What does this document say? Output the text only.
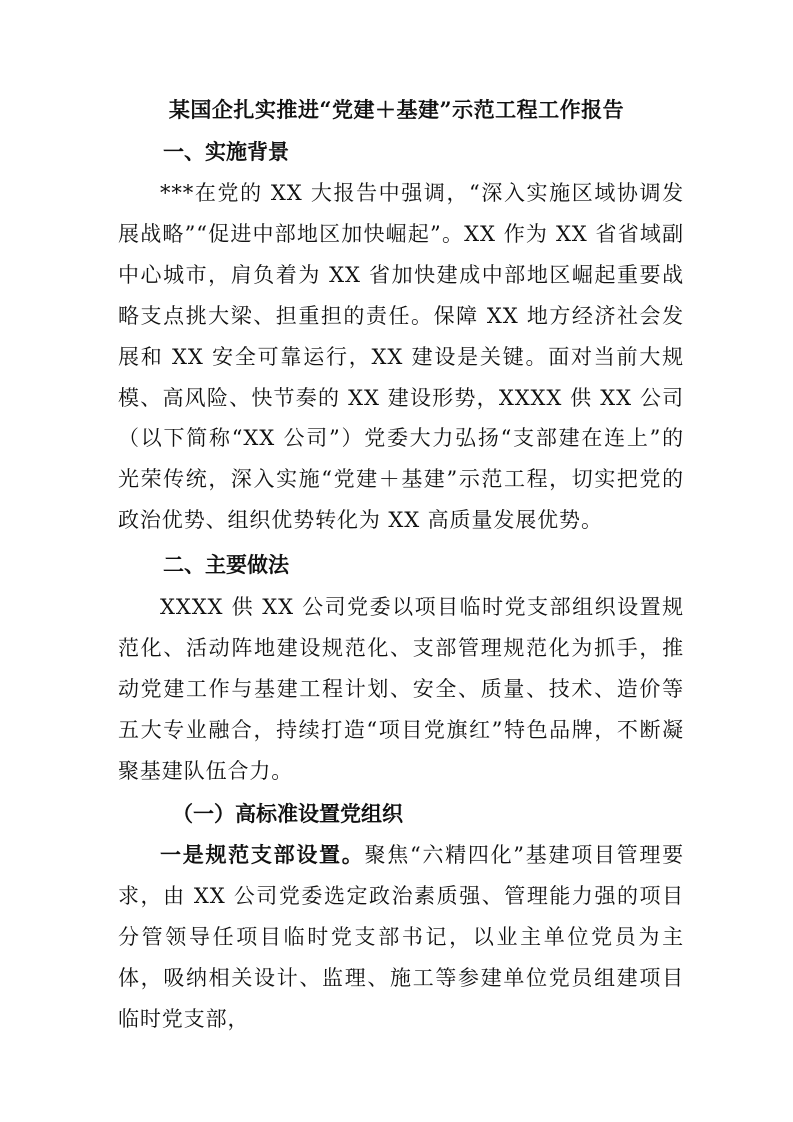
某国企扎实推进“党建＋基建”示范工程工作报告
一、实施背景
***在党的 XX 大报告中强调，“深入实施区域协调发展战略”“促进中部地区加快崛起”。XX 作为 XX 省省域副中心城市，肩负着为 XX 省加快建成中部地区崛起重要战略支点挑大梁、担重担的责任。保障 XX 地方经济社会发展和 XX 安全可靠运行，XX 建设是关键。面对当前大规模、高风险、快节奏的 XX 建设形势，XXXX 供 XX 公司（以下简称“XX 公司”）党委大力弘扬“支部建在连上”的光荣传统，深入实施“党建＋基建”示范工程，切实把党的政治优势、组织优势转化为 XX 高质量发展优势。
二、主要做法
XXXX 供 XX 公司党委以项目临时党支部组织设置规范化、活动阵地建设规范化、支部管理规范化为抓手，推动党建工作与基建工程计划、安全、质量、技术、造价等五大专业融合，持续打造“项目党旗红”特色品牌，不断凝聚基建队伍合力。
（一）高标准设置党组织
一是规范支部设置。聚焦“六精四化”基建项目管理要求，由 XX 公司党委选定政治素质强、管理能力强的项目分管领导任项目临时党支部书记，以业主单位党员为主体，吸纳相关设计、监理、施工等参建单位党员组建项目临时党支部，
